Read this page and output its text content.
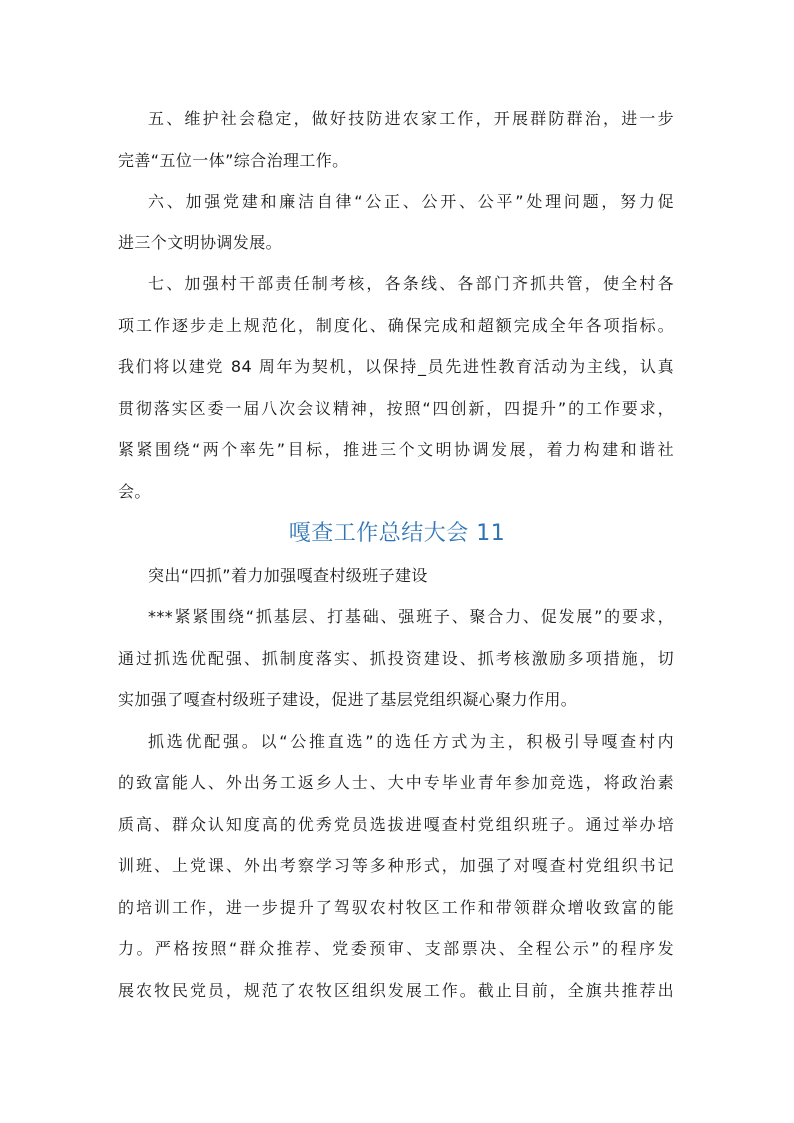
五、维护社会稳定，做好技防进农家工作，开展群防群治，进一步
完善“五位一体”综合治理工作。
六、加强党建和廉洁自律“公正、公开、公平”处理问题，努力促
进三个文明协调发展。
七、加强村干部责任制考核，各条线、各部门齐抓共管，使全村各
项工作逐步走上规范化，制度化、确保完成和超额完成全年各项指标。
我们将以建党 84 周年为契机，以保持_员先进性教育活动为主线，认真
贯彻落实区委一届八次会议精神，按照“四创新，四提升”的工作要求，
紧紧围绕“两个率先”目标，推进三个文明协调发展，着力构建和谐社
会。
嘎查工作总结大会 11
突出“四抓”着力加强嘎查村级班子建设
***紧紧围绕“抓基层、打基础、强班子、聚合力、促发展”的要求，
通过抓选优配强、抓制度落实、抓投资建设、抓考核激励多项措施，切
实加强了嘎查村级班子建设，促进了基层党组织凝心聚力作用。
抓选优配强。以“公推直选”的选任方式为主，积极引导嘎查村内
的致富能人、外出务工返乡人士、大中专毕业青年参加竞选，将政治素
质高、群众认知度高的优秀党员选拔进嘎查村党组织班子。通过举办培
训班、上党课、外出考察学习等多种形式，加强了对嘎查村党组织书记
的培训工作，进一步提升了驾驭农村牧区工作和带领群众增收致富的能
力。严格按照“群众推荐、党委预审、支部票决、全程公示”的程序发
展农牧民党员，规范了农牧区组织发展工作。截止目前，全旗共推荐出
